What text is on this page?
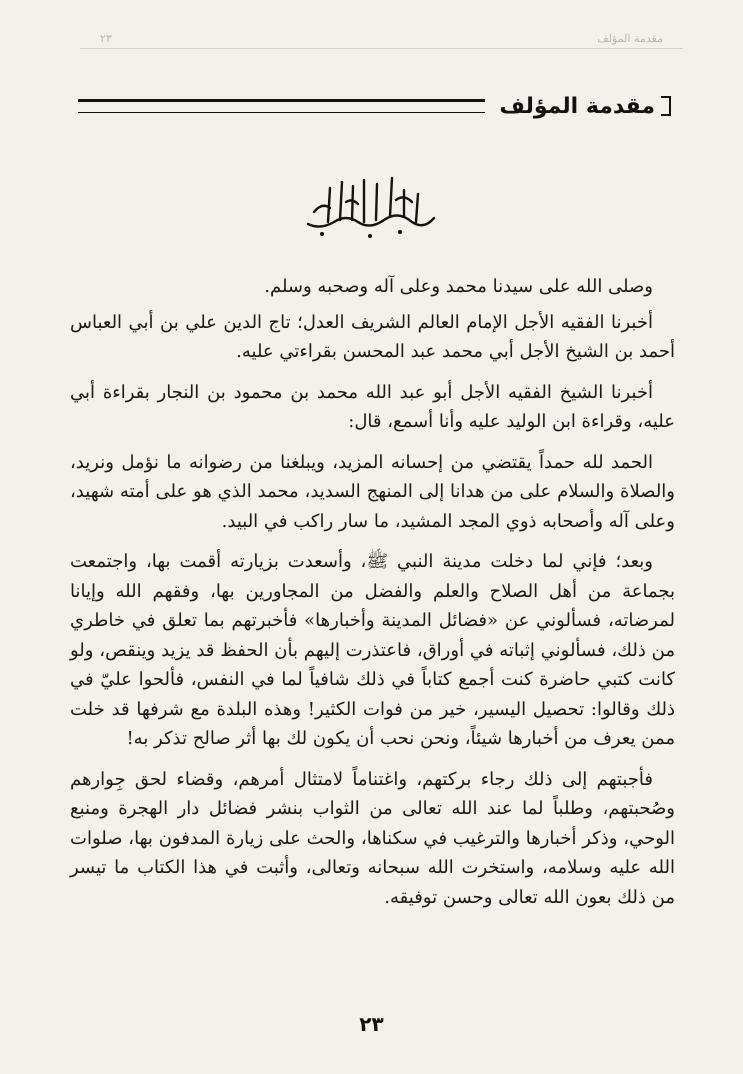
مقدمة المؤلف
٢٣
مقدمة المؤلف

وصلى الله على سيدنا محمد وعلى آله وصحبه وسلم.

أخبرنا الفقيه الأجل الإمام العالم الشريف العدل؛ تاج الدين علي بن أبي العباس أحمد بن الشيخ الأجل أبي محمد عبد المحسن بقراءتي عليه.

أخبرنا الشيخ الفقيه الأجل أبو عبد الله محمد بن محمود بن النجار بقراءة أبي عليه، وقراءة ابن الوليد عليه وأنا أسمع، قال:

الحمد لله حمداً يقتضي من إحسانه المزيد، ويبلغنا من رضوانه ما نؤمل ونريد، والصلاة والسلام على من هدانا إلى المنهج السديد، محمد الذي هو على أمته شهيد، وعلى آله وأصحابه ذوي المجد المشيد، ما سار راكب في البيد.

وبعد؛ فإني لما دخلت مدينة النبي ﷺ، وأسعدت بزيارته أقمت بها، واجتمعت بجماعة من أهل الصلاح والعلم والفضل من المجاورين بها، وفقهم الله وإيانا لمرضاته، فسألوني عن «فضائل المدينة وأخبارها» فأخبرتهم بما تعلق في خاطري من ذلك، فسألوني إثباته في أوراق، فاعتذرت إليهم بأن الحفظ قد يزيد وينقص، ولو كانت كتبي حاضرة كنت أجمع كتاباً في ذلك شافياً لما في النفس، فألحوا عليّ في ذلك وقالوا: تحصيل اليسير، خير من فوات الكثير! وهذه البلدة مع شرفها قد خلت ممن يعرف من أخبارها شيئاً، ونحن نحب أن يكون لك بها أثر صالح تذكر به!

فأجبتهم إلى ذلك رجاء بركتهم، واغتناماً لامتثال أمرهم، وقضاء لحق جِوارهم وصُحبتهم، وطلباً لما عند الله تعالى من الثواب بنشر فضائل دار الهجرة ومنبع الوحي، وذكر أخبارها والترغيب في سكناها، والحث على زيارة المدفون بها، صلوات الله عليه وسلامه، واستخرت الله سبحانه وتعالى، وأثبت في هذا الكتاب ما تيسر من ذلك بعون الله تعالى وحسن توفيقه.

٢٣
